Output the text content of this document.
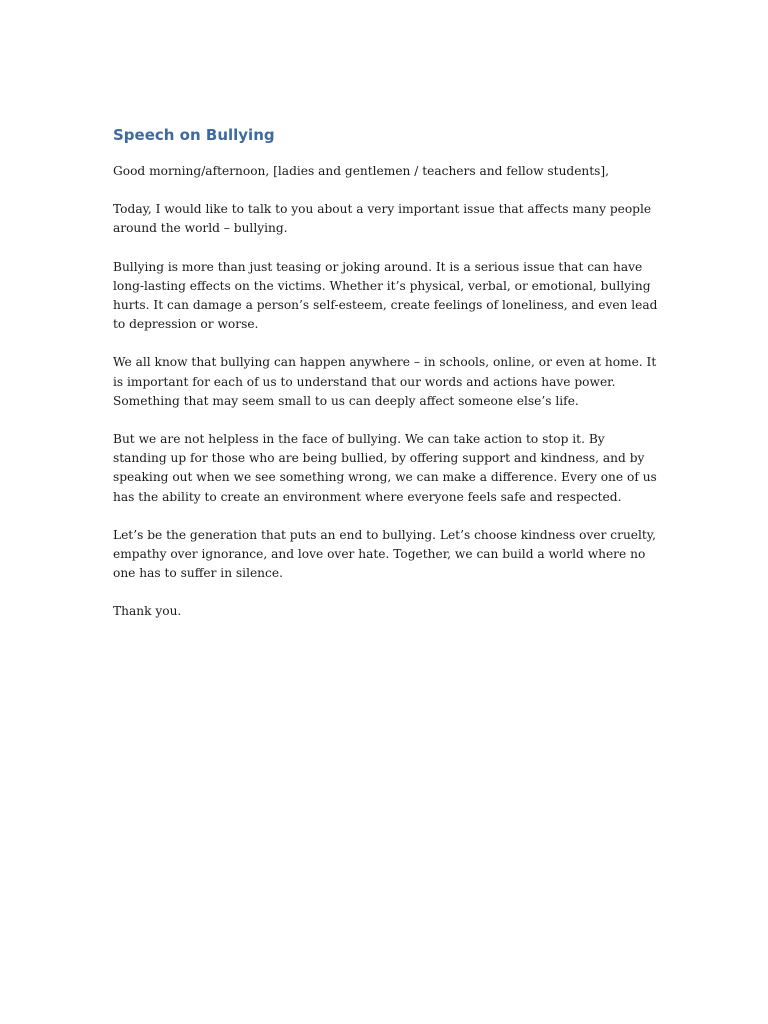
Speech on Bullying

Good morning/afternoon, [ladies and gentlemen / teachers and fellow students],

Today, I would like to talk to you about a very important issue that affects many people around the world – bullying.

Bullying is more than just teasing or joking around. It is a serious issue that can have long-lasting effects on the victims. Whether it’s physical, verbal, or emotional, bullying hurts. It can damage a person’s self-esteem, create feelings of loneliness, and even lead to depression or worse.

We all know that bullying can happen anywhere – in schools, online, or even at home. It is important for each of us to understand that our words and actions have power. Something that may seem small to us can deeply affect someone else’s life.

But we are not helpless in the face of bullying. We can take action to stop it. By standing up for those who are being bullied, by offering support and kindness, and by speaking out when we see something wrong, we can make a difference. Every one of us has the ability to create an environment where everyone feels safe and respected.

Let’s be the generation that puts an end to bullying. Let’s choose kindness over cruelty, empathy over ignorance, and love over hate. Together, we can build a world where no one has to suffer in silence.

Thank you.
